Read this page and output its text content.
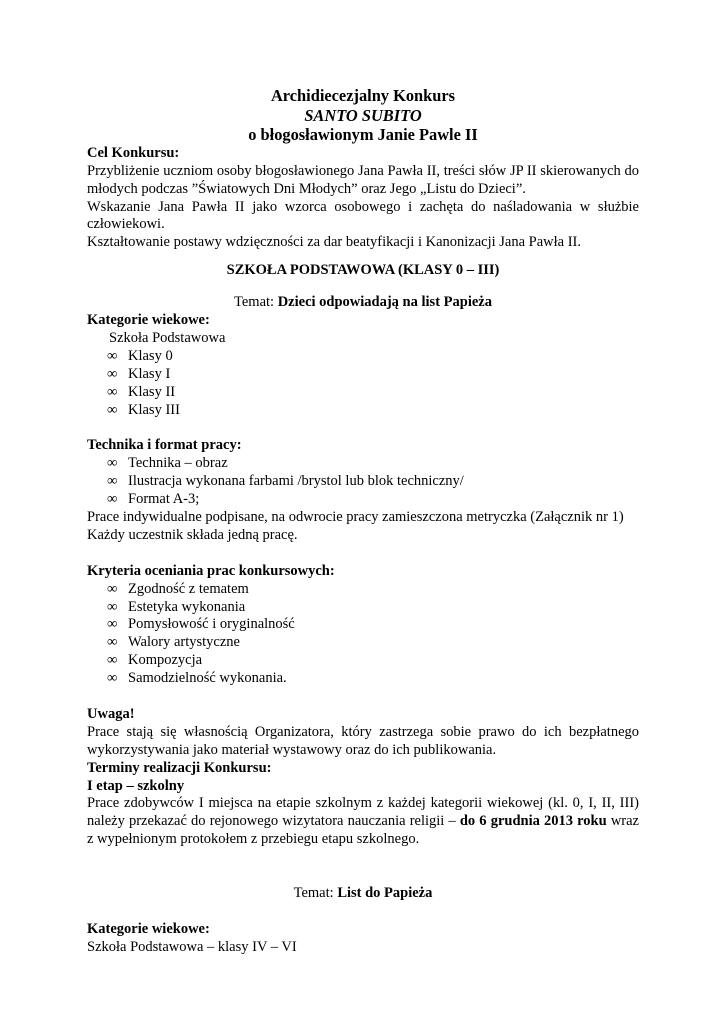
Archidiecezjalny Konkurs
SANTO SUBITO
o błogosławionym Janie Pawle II
Cel Konkursu:
Przybliżenie uczniom osoby błogosławionego Jana Pawła II, treści słów JP II skierowanych do młodych podczas ”Światowych Dni Młodych” oraz Jego „Listu do Dzieci”.
Wskazanie Jana Pawła II jako wzorca osobowego i zachęta do naśladowania w służbie człowiekowi.
Kształtowanie postawy wdzięczności za dar beatyfikacji i Kanonizacji Jana Pawła II.
SZKOŁA PODSTAWOWA (KLASY 0 – III)
Temat: Dzieci odpowiadają na list Papieża
Kategorie wiekowe:
Szkoła Podstawowa
∞ Klasy 0
∞ Klasy I
∞ Klasy II
∞ Klasy III
Technika i format pracy:
∞ Technika – obraz
∞ Ilustracja wykonana farbami /brystol lub blok techniczny/
∞ Format A-3;
Prace indywidualne podpisane, na odwrocie pracy zamieszczona metryczka (Załącznik nr 1)
Każdy uczestnik składa jedną pracę.
Kryteria oceniania prac konkursowych:
∞ Zgodność z tematem
∞ Estetyka wykonania
∞ Pomysłowość i oryginalność
∞ Walory artystyczne
∞ Kompozycja
∞ Samodzielność wykonania.
Uwaga!
Prace stają się własnością Organizatora, który zastrzega sobie prawo do ich bezpłatnego wykorzystywania jako materiał wystawowy oraz do ich publikowania.
Terminy realizacji Konkursu:
I etap – szkolny
Prace zdobywców I miejsca na etapie szkolnym z każdej kategorii wiekowej (kl. 0, I, II, III) należy przekazać do rejonowego wizytatora nauczania religii – do 6 grudnia 2013 roku wraz z wypełnionym protokołem z przebiegu etapu szkolnego.
Temat: List do Papieża
Kategorie wiekowe:
Szkoła Podstawowa – klasy IV – VI
